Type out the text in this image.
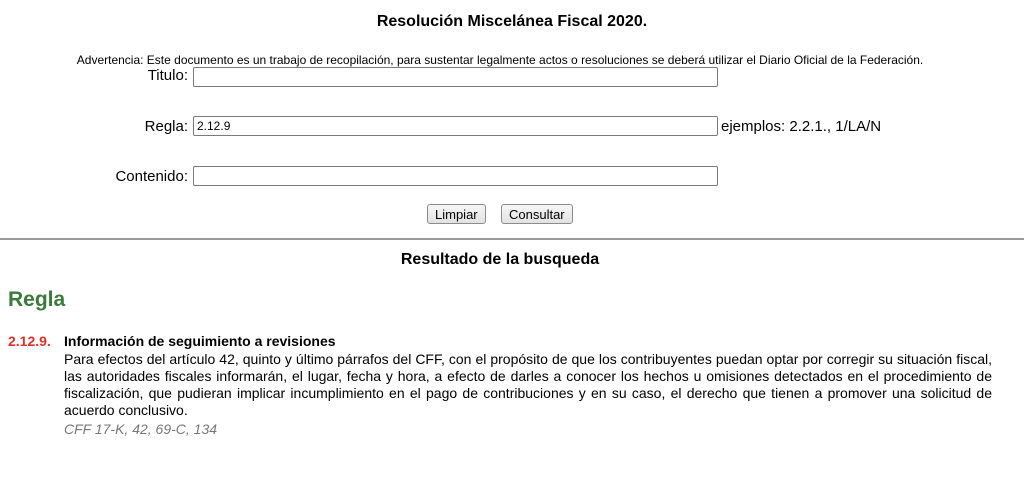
Resolución Miscelánea Fiscal 2020.
Advertencia: Este documento es un trabajo de recopilación, para sustentar legalmente actos o resoluciones se deberá utilizar el Diario Oficial de la Federación.
Titulo:
Regla:
2.12.9	ejemplos: 2.2.1., 1/LA/N
Contenido:
Limpiar	Consultar
Resultado de la busqueda
Regla
2.12.9. Información de seguimiento a revisiones

Para efectos del artículo 42, quinto y último párrafos del CFF, con el propósito de que los contribuyentes puedan optar por corregir su situación fiscal, las autoridades fiscales informarán, el lugar, fecha y hora, a efecto de darles a conocer los hechos u omisiones detectados en el procedimiento de fiscalización, que pudieran implicar incumplimiento en el pago de contribuciones y en su caso, el derecho que tienen a promover una solicitud de acuerdo conclusivo.

CFF 17-K, 42, 69-C, 134
